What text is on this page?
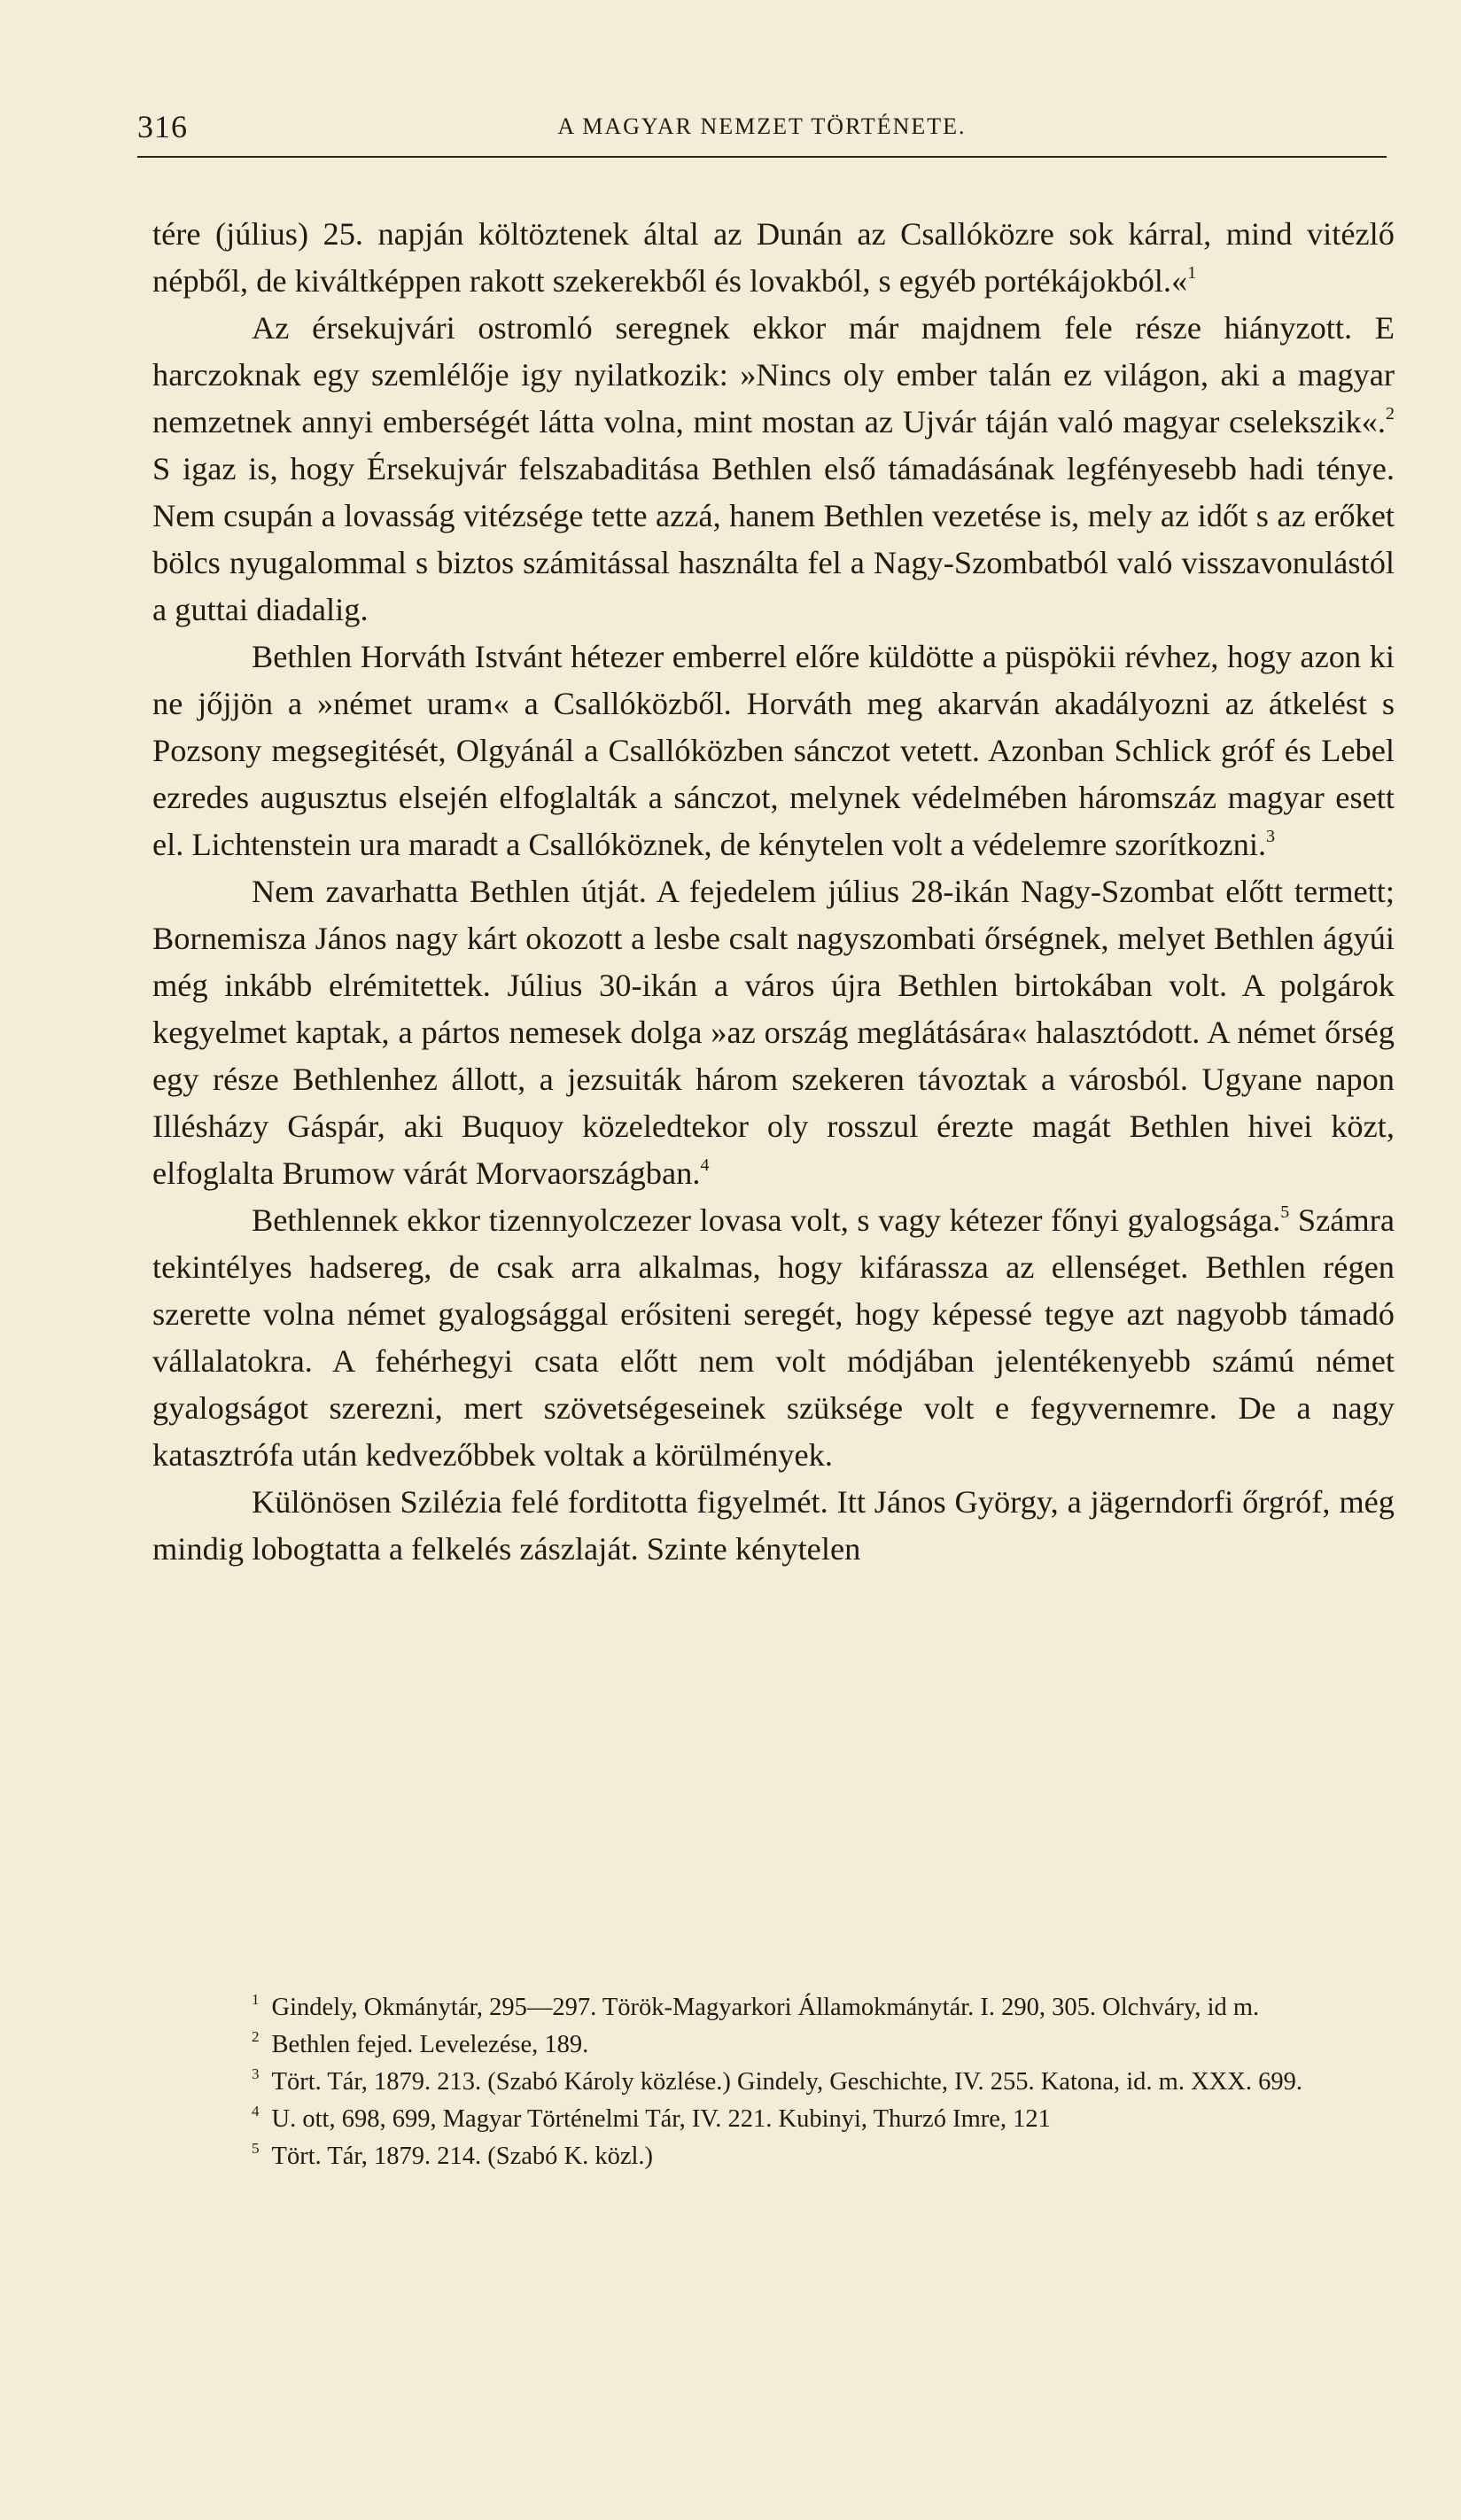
316	A MAGYAR NEMZET TÖRTÉNETE.

tére (július) 25. napján költöztenek által az Dunán az Csallóközre sok kárral, mind vitézlő népből, de kiváltképpen rakott szekerekből és lovakból, s egyéb portékájokból.«$^1$

Az érsekujvári ostromló seregnek ekkor már majdnem fele része hiányzott. E harczoknak egy szemlélője igy nyilatkozik: »Nincs oly ember talán ez világon, aki a magyar nemzetnek annyi emberségét látta volna, mint mostan az Ujvár táján való magyar cselekszik«.$^2$ S igaz is, hogy Érsekujvár felszabaditása Bethlen első támadásának legfényesebb hadi ténye. Nem csupán a lovasság vitézsége tette azzá, hanem Bethlen vezetése is, mely az időt s az erőket bölcs nyugalommal s biztos számitással használta fel a Nagy-Szombatból való visszavonulástól a guttai diadalig.

Bethlen Horváth Istvánt hétezer emberrel előre küldötte a püspökii révhez, hogy azon ki ne jőjjön a »német uram« a Csallóközből. Horváth meg akarván akadályozni az átkelést s Pozsony megsegitését, Olgyánál a Csallóközben sánczot vetett. Azonban Schlick gróf és Lebel ezredes augusztus elsején elfoglalták a sánczot, melynek védelmében háromszáz magyar esett el. Lichtenstein ura maradt a Csallóköznek, de kénytelen volt a védelemre szorítkozni.$^3$

Nem zavarhatta Bethlen útját. A fejedelem július 28-ikán Nagy-Szombat előtt termett; Bornemisza János nagy kárt okozott a lesbe csalt nagyszombati őrségnek, melyet Bethlen ágyúi még inkább elrémitettek. Július 30-ikán a város újra Bethlen birtokában volt. A polgárok kegyelmet kaptak, a pártos nemesek dolga »az ország meglátására« halasztódott. A német őrség egy része Bethlenhez állott, a jezsuiták három szekeren távoztak a városból. Ugyane napon Illésházy Gáspár, aki Buquoy közeledtekor oly rosszul érezte magát Bethlen hivei közt, elfoglalta Brumow várát Morvaországban.$^4$

Bethlennek ekkor tizennyolczezer lovasa volt, s vagy kétezer főnyi gyalogsága.$^5$ Számra tekintélyes hadsereg, de csak arra alkalmas, hogy kifárassza az ellenséget. Bethlen régen szerette volna német gyalogsággal erősiteni seregét, hogy képessé tegye azt nagyobb támadó vállalatokra. A fehérhegyi csata előtt nem volt módjában jelentékenyebb számú német gyalogságot szerezni, mert szövetségeseinek szüksége volt e fegyvernemre. De a nagy katasztrófa után kedvezőbbek voltak a körülmények.

Különösen Szilézia felé forditotta figyelmét. Itt János György, a jägerndorfi őrgróf, még mindig lobogtatta a felkelés zászlaját. Szinte kénytelen

$^1$ Gindely, Okmánytár, 295—297. Török-Magyarkori Államokmánytár. I. 290, 305. Olchváry, id m.

$^2$ Bethlen fejed. Levelezése, 189.

$^3$ Tört. Tár, 1879. 213. (Szabó Károly közlése.) Gindely, Geschichte, IV. 255. Katona, id. m. XXX. 699.

$^4$ U. ott, 698, 699, Magyar Történelmi Tár, IV. 221. Kubinyi, Thurzó Imre, 121

$^5$ Tört. Tár, 1879. 214. (Szabó K. közl.)
